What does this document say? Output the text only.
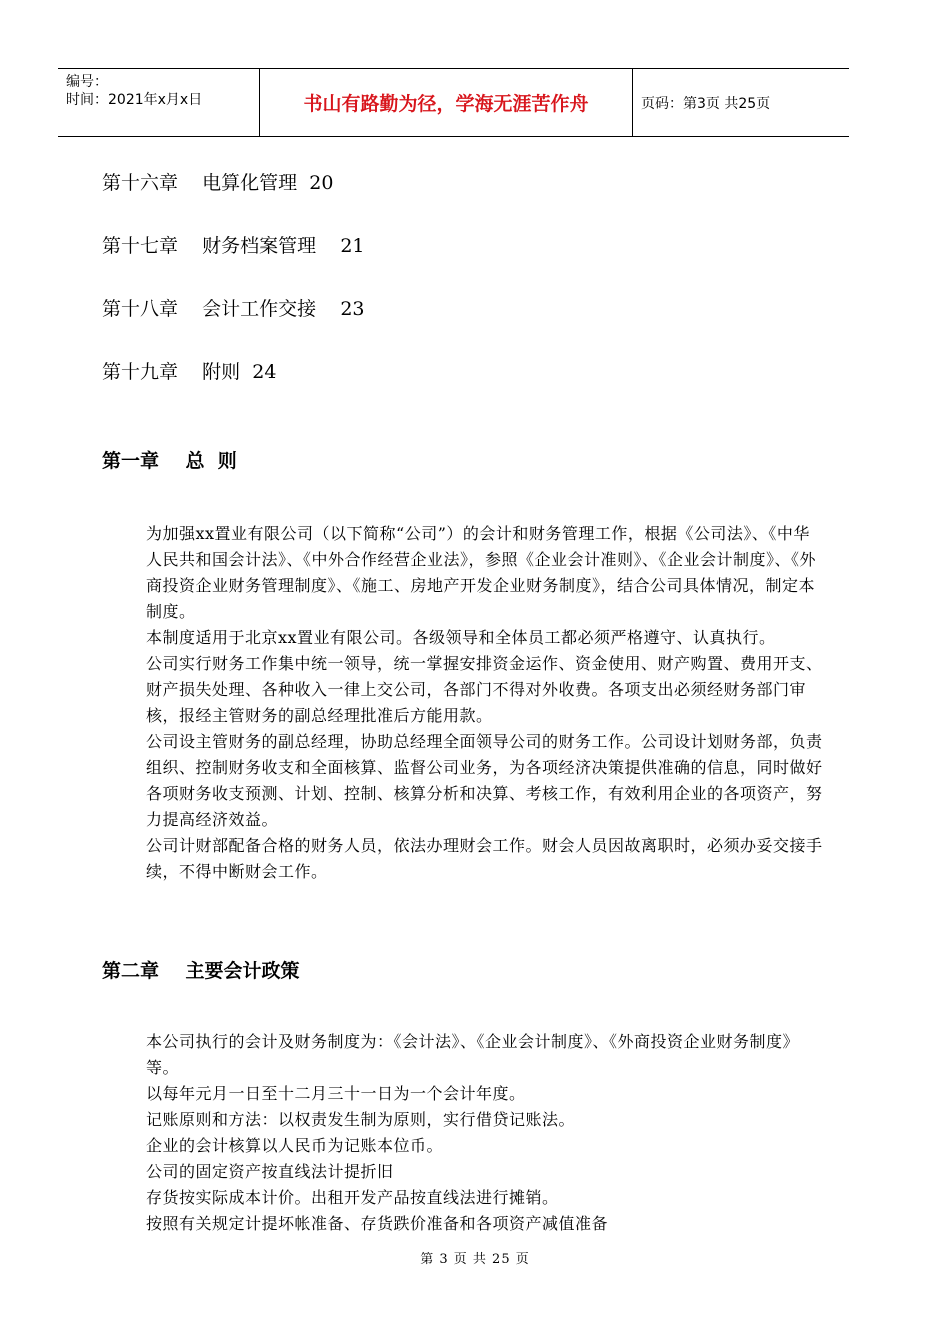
编号：
时间：2021年x月x日	书山有路勤为径，学海无涯苦作舟	页码：第3页 共25页
第十六章    电算化管理  20
第十七章    财务档案管理    21
第十八章    会计工作交接    23
第十九章    附则  24
第一章    总  则

为加强xx置业有限公司（以下简称“公司”）的会计和财务管理工作，根据《公司法》、《中华人民共和国会计法》、《中外合作经营企业法》，参照《企业会计准则》、《企业会计制度》、《外商投资企业财务管理制度》、《施工、房地产开发企业财务制度》，结合公司具体情况，制定本制度。

本制度适用于北京xx置业有限公司。各级领导和全体员工都必须严格遵守、认真执行。

公司实行财务工作集中统一领导，统一掌握安排资金运作、资金使用、财产购置、费用开支、财产损失处理、各种收入一律上交公司，各部门不得对外收费。各项支出必须经财务部门审核，报经主管财务的副总经理批准后方能用款。

公司设主管财务的副总经理，协助总经理全面领导公司的财务工作。公司设计划财务部，负责组织、控制财务收支和全面核算、监督公司业务，为各项经济决策提供准确的信息，同时做好各项财务收支预测、计划、控制、核算分析和决算、考核工作，有效利用企业的各项资产，努力提高经济效益。

公司计财部配备合格的财务人员，依法办理财会工作。财会人员因故离职时，必须办妥交接手续，不得中断财会工作。

第二章    主要会计政策

本公司执行的会计及财务制度为：《会计法》、《企业会计制度》、《外商投资企业财务制度》等。

以每年元月一日至十二月三十一日为一个会计年度。

记账原则和方法：以权责发生制为原则，实行借贷记账法。

企业的会计核算以人民币为记账本位币。

公司的固定资产按直线法计提折旧

存货按实际成本计价。出租开发产品按直线法进行摊销。

按照有关规定计提坏帐准备、存货跌价准备和各项资产减值准备

第 3 页 共 25 页
